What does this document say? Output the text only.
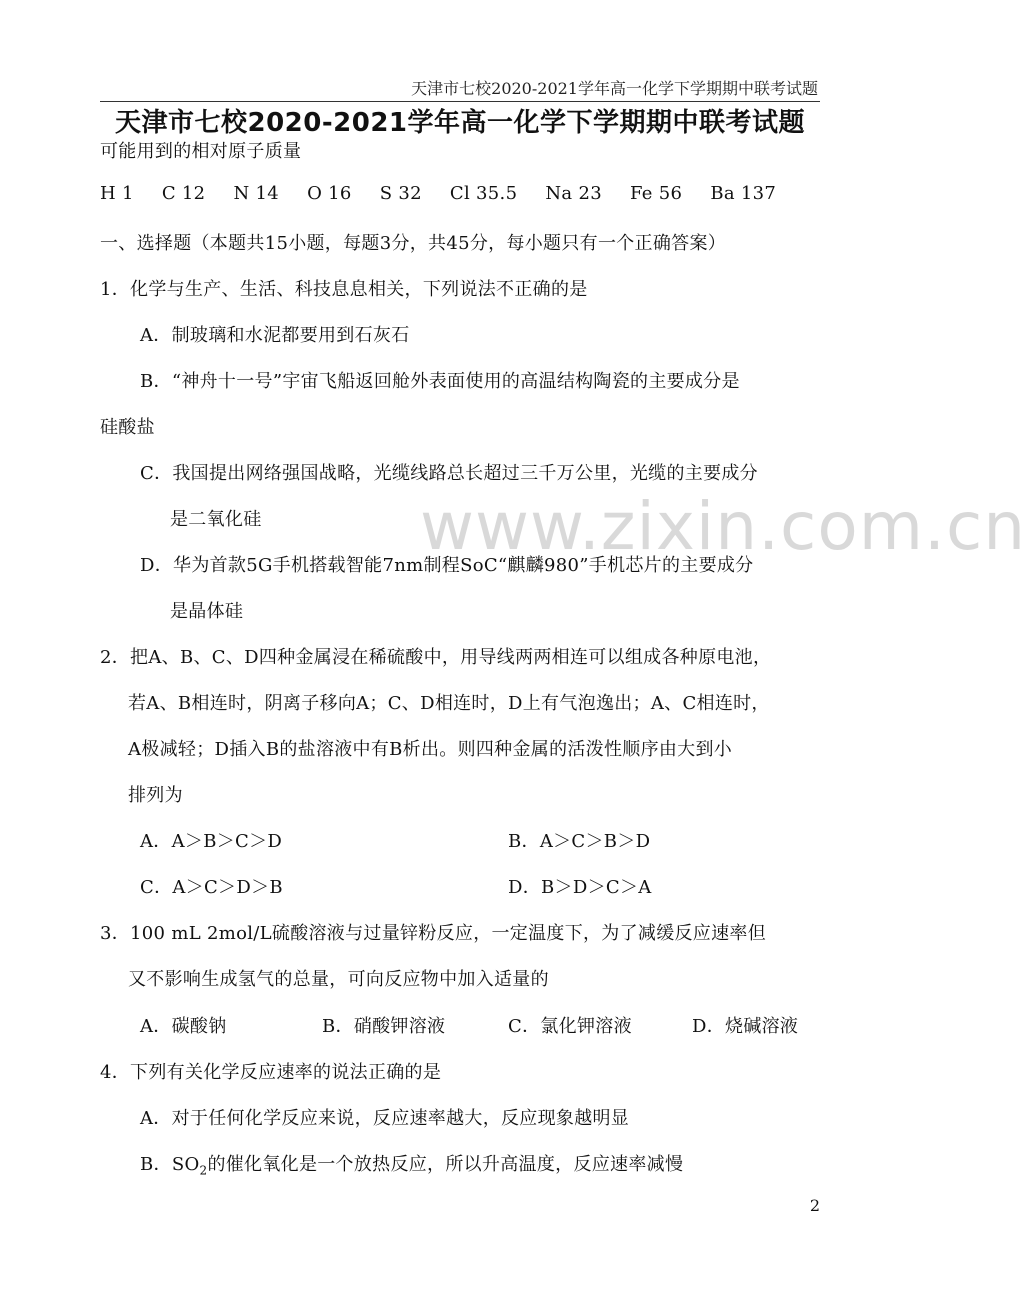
天津市七校2020-2021学年高一化学下学期期中联考试题
www.zixin.com.cn
天津市七校2020-2021学年高一化学下学期期中联考试题
可能用到的相对原子质量
H 1 C 12 N 14 O 16 S 32 Cl 35.5 Na 23 Fe 56 Ba 137
一、选择题（本题共15小题，每题3分，共45分，每小题只有一个正确答案）
1．化学与生产、生活、科技息息相关，下列说法不正确的是
A．制玻璃和水泥都要用到石灰石
B．“神舟十一号”宇宙飞船返回舱外表面使用的高温结构陶瓷的主要成分是
硅酸盐
C．我国提出网络强国战略，光缆线路总长超过三千万公里，光缆的主要成分
是二氧化硅
D．华为首款5G手机搭载智能7nm制程SoC“麒麟980”手机芯片的主要成分
是晶体硅
2．把A、B、C、D四种金属浸在稀硫酸中，用导线两两相连可以组成各种原电池，
若A、B相连时，阴离子移向A；C、D相连时，D上有气泡逸出；A、C相连时，
A极减轻；D插入B的盐溶液中有B析出。则四种金属的活泼性顺序由大到小
排列为
A．A＞B＞C＞D	B．A＞C＞B＞D
C．A＞C＞D＞B	D．B＞D＞C＞A
3．100 mL 2mol/L硫酸溶液与过量锌粉反应，一定温度下，为了减缓反应速率但
又不影响生成氢气的总量，可向反应物中加入适量的
A．碳酸钠	B．硝酸钾溶液	C．氯化钾溶液	D．烧碱溶液
4．下列有关化学反应速率的说法正确的是
A．对于任何化学反应来说，反应速率越大，反应现象越明显
B．$SO_2$的催化氧化是一个放热反应，所以升高温度，反应速率减慢
2
